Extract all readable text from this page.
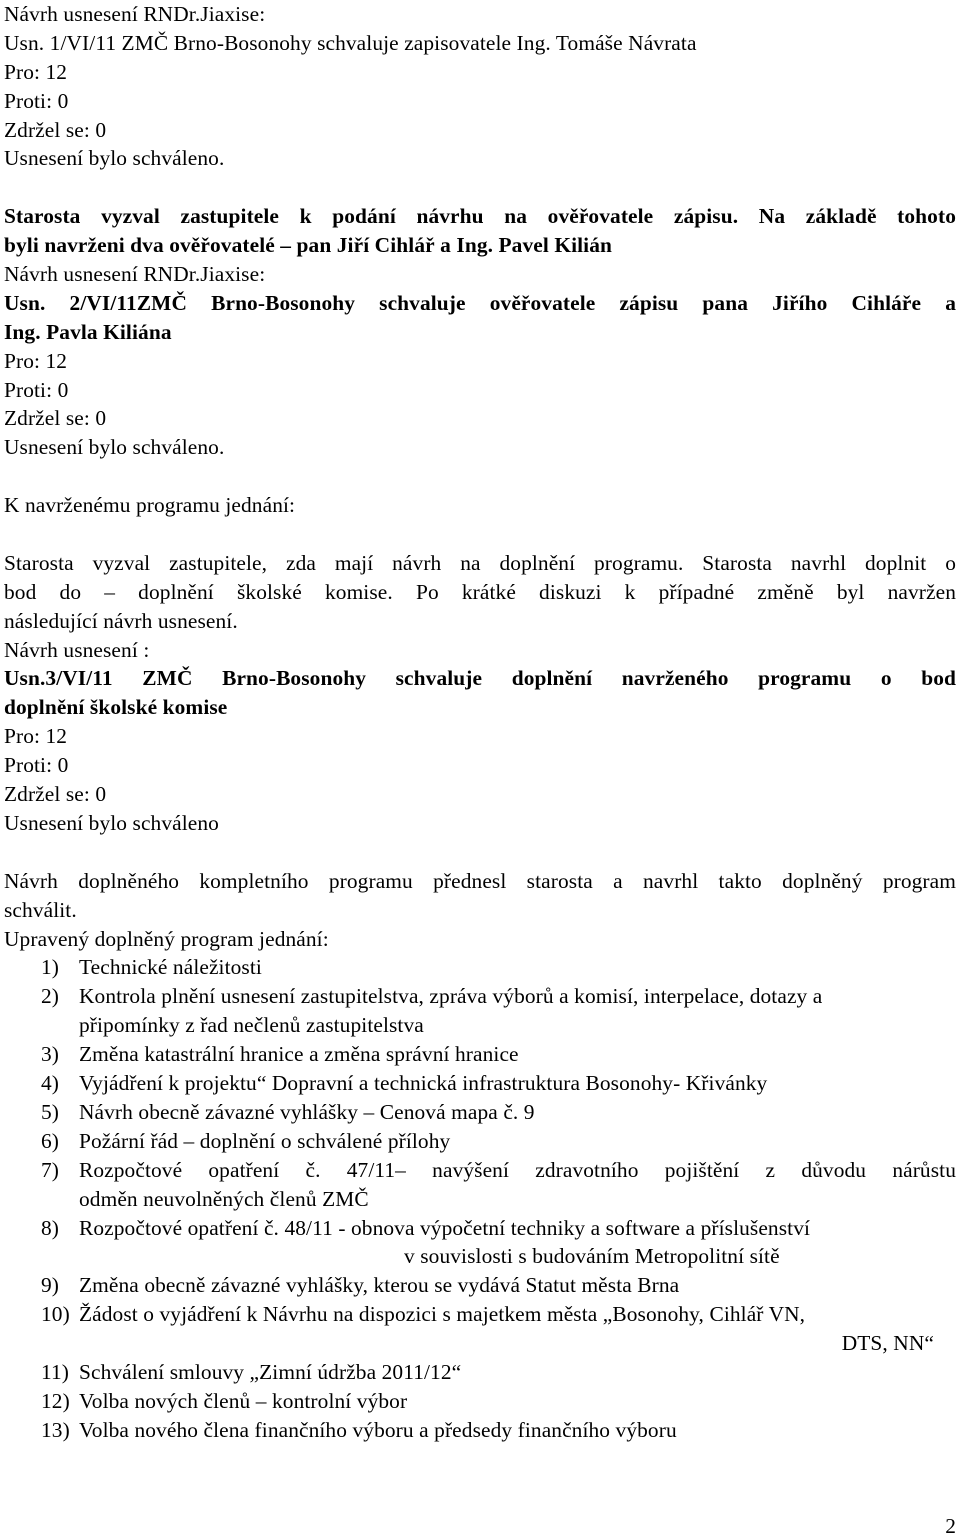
Návrh usnesení RNDr.Jiaxise:
Usn. 1/VI/11 ZMČ Brno-Bosonohy schvaluje zapisovatele Ing. Tomáše Návrata
Pro: 12
Proti: 0
Zdržel se: 0
Usnesení bylo schváleno.
Starosta vyzval zastupitele k podání návrhu na ověřovatele zápisu. Na základě tohoto
byli navrženi dva ověřovatelé – pan Jiří Cihlář a Ing. Pavel Kilián
Návrh usnesení RNDr.Jiaxise:
Usn. 2/VI/11ZMČ Brno-Bosonohy schvaluje ověřovatele zápisu pana Jiřího Cihláře a
Ing. Pavla Kiliána
Pro: 12
Proti: 0
Zdržel se: 0
Usnesení bylo schváleno.
K navrženému programu jednání:
Starosta vyzval zastupitele, zda mají návrh na doplnění programu. Starosta navrhl doplnit o
bod do – doplnění školské komise. Po krátké diskuzi k případné změně byl navržen
následující návrh usnesení.
Návrh usnesení :
Usn.3/VI/11 ZMČ Brno-Bosonohy schvaluje doplnění navrženého programu o bod
doplnění školské komise
Pro: 12
Proti: 0
Zdržel se: 0
Usnesení bylo schváleno
Návrh doplněného kompletního programu přednesl starosta a navrhl takto doplněný program
schválit.
Upravený doplněný program jednání:
1) Technické náležitosti
2) Kontrola plnění usnesení zastupitelstva, zpráva výborů a komisí, interpelace, dotazy a
připomínky z řad nečlenů zastupitelstva
3) Změna katastrální hranice a změna správní hranice
4) Vyjádření k projektu“ Dopravní a technická infrastruktura Bosonohy- Křivánky
5) Návrh obecně závazné vyhlášky – Cenová mapa č. 9
6) Požární řád – doplnění o schválené přílohy
7) Rozpočtové opatření č. 47/11– navýšení zdravotního pojištění z důvodu nárůstu
odměn neuvolněných členů ZMČ
8) Rozpočtové opatření č. 48/11 - obnova výpočetní techniky a software a příslušenství
v souvislosti s budováním Metropolitní sítě
9) Změna obecně závazné vyhlášky, kterou se vydává Statut města Brna
10) Žádost o vyjádření k Návrhu na dispozici s majetkem města „Bosonohy, Cihlář VN,
DTS, NN“
11) Schválení smlouvy „Zimní údržba 2011/12“
12) Volba nových členů – kontrolní výbor
13) Volba nového člena finančního výboru a předsedy finančního výboru
2
